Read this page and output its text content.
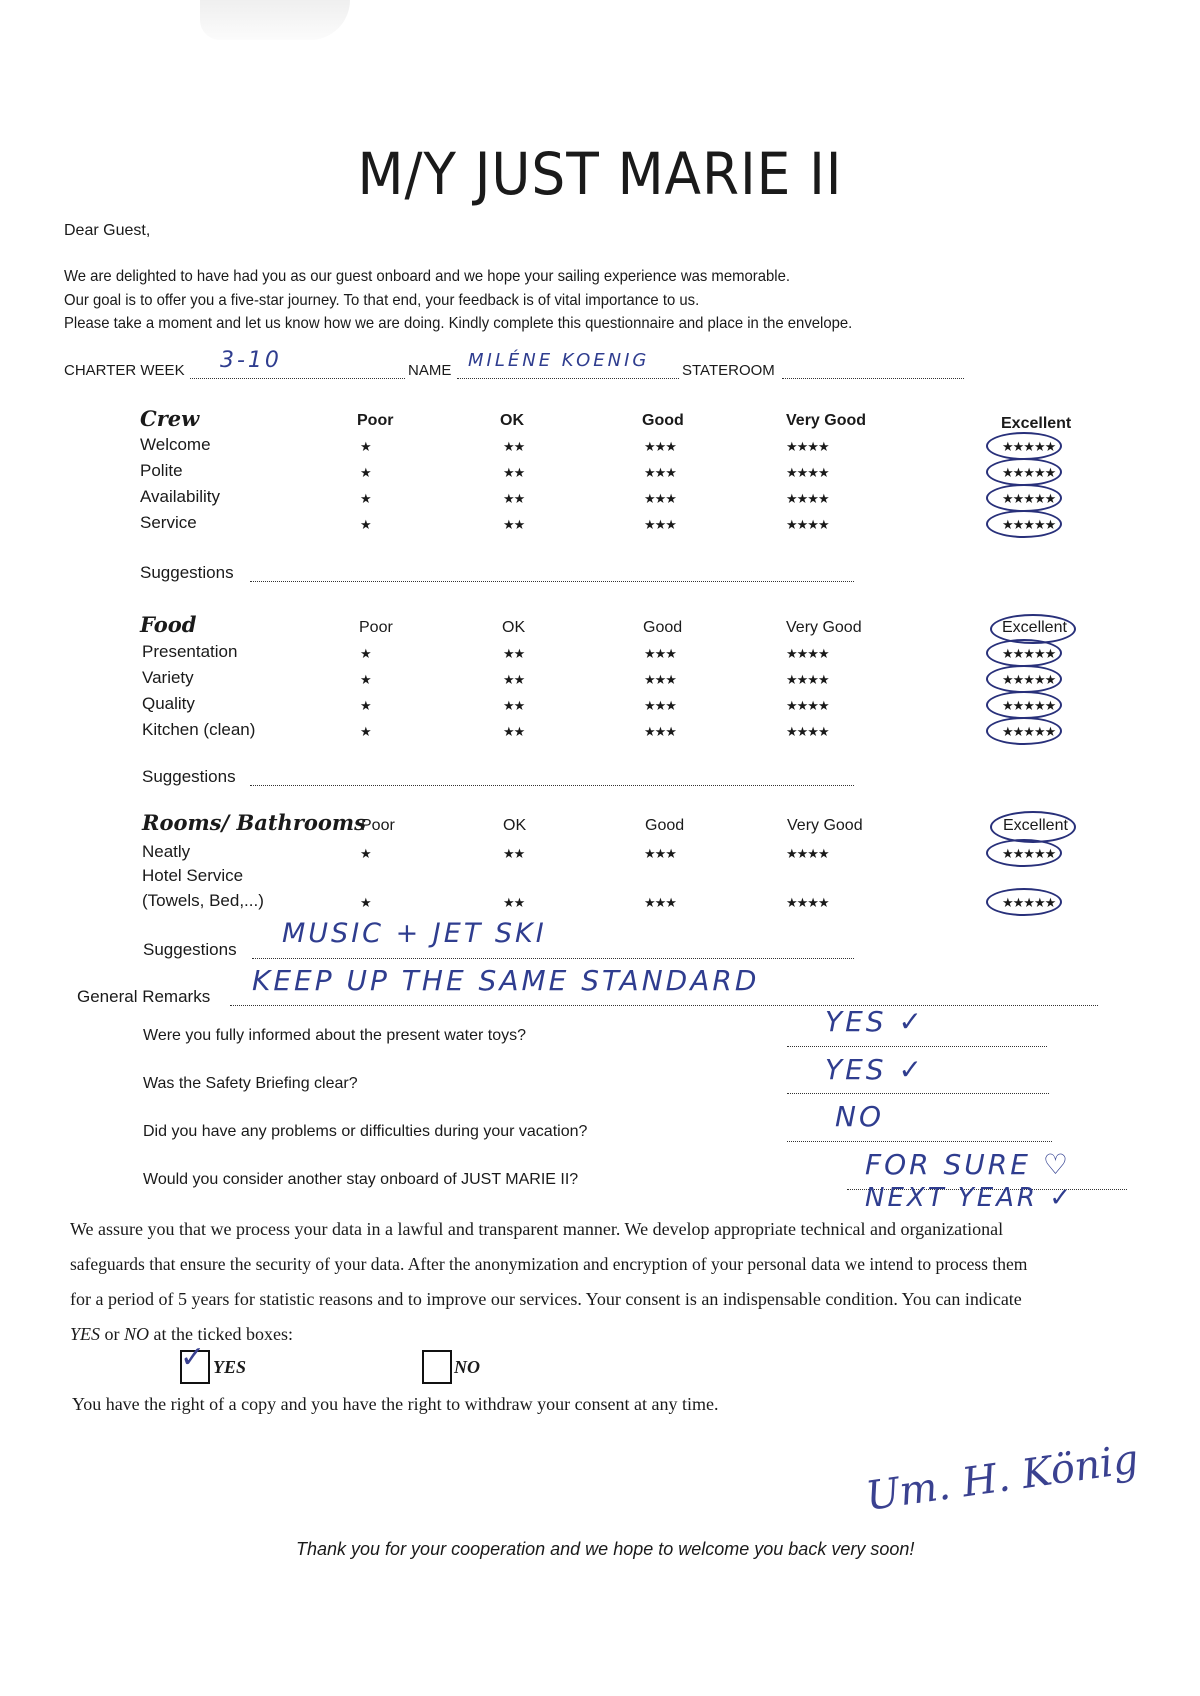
M/Y JUST MARIE II
Dear Guest,
We are delighted to have had you as our guest onboard and we hope your sailing experience was memorable.
Our goal is to offer you a five-star journey. To that end, your feedback is of vital importance to us.
Please take a moment and let us know how we are doing. Kindly complete this questionnaire and place in the envelope.
CHARTER WEEK 3-10	NAME MILÉNE KOENIG STATEROOM
Crew	Poor	OK	Good	Very Good	Excellent
Welcome	★	★★	★★★	★★★★	★★★★★
Polite	★	★★	★★★	★★★★	★★★★★
Availability	★	★★	★★★	★★★★	★★★★★
Service	★	★★	★★★	★★★★	★★★★★
Suggestions
Food	Poor	OK	Good	Very Good	Excellent
Presentation	★	★★	★★★	★★★★	★★★★★
Variety	★	★★	★★★	★★★★	★★★★★
Quality	★	★★	★★★	★★★★	★★★★★
Kitchen (clean)	★	★★	★★★	★★★★	★★★★★
Suggestions
Rooms/ Bathrooms
Poor	OK	Good	Very Good	Excellent
Neatly	★	★★	★★★	★★★★	★★★★★
Hotel Service
(Towels, Bed,...)	★	★★	★★★	★★★★	★★★★★
Suggestions
MUSIC + JET SKI
General Remarks KEEP UP THE SAME STANDARD
Were you fully informed about the present water toys?	YES ✓
Was the Safety Briefing clear?	YES ✓
Did you have any problems or difficulties during your vacation?	NO
Would you consider another stay onboard of JUST MARIE II?	FOR SURE ♡
NEXT YEAR ✓
We assure you that we process your data in a lawful and transparent manner. We develop appropriate technical and organizational
safeguards that ensure the security of your data. After the anonymization and encryption of your personal data we intend to process them
for a period of 5 years for statistic reasons and to improve our services. Your consent is an indispensable condition. You can indicate
YES or NO at the ticked boxes:
✓ YES	NO
You have the right of a copy and you have the right to withdraw your consent at any time.
Um. H. König
Thank you for your cooperation and we hope to welcome you back very soon!
